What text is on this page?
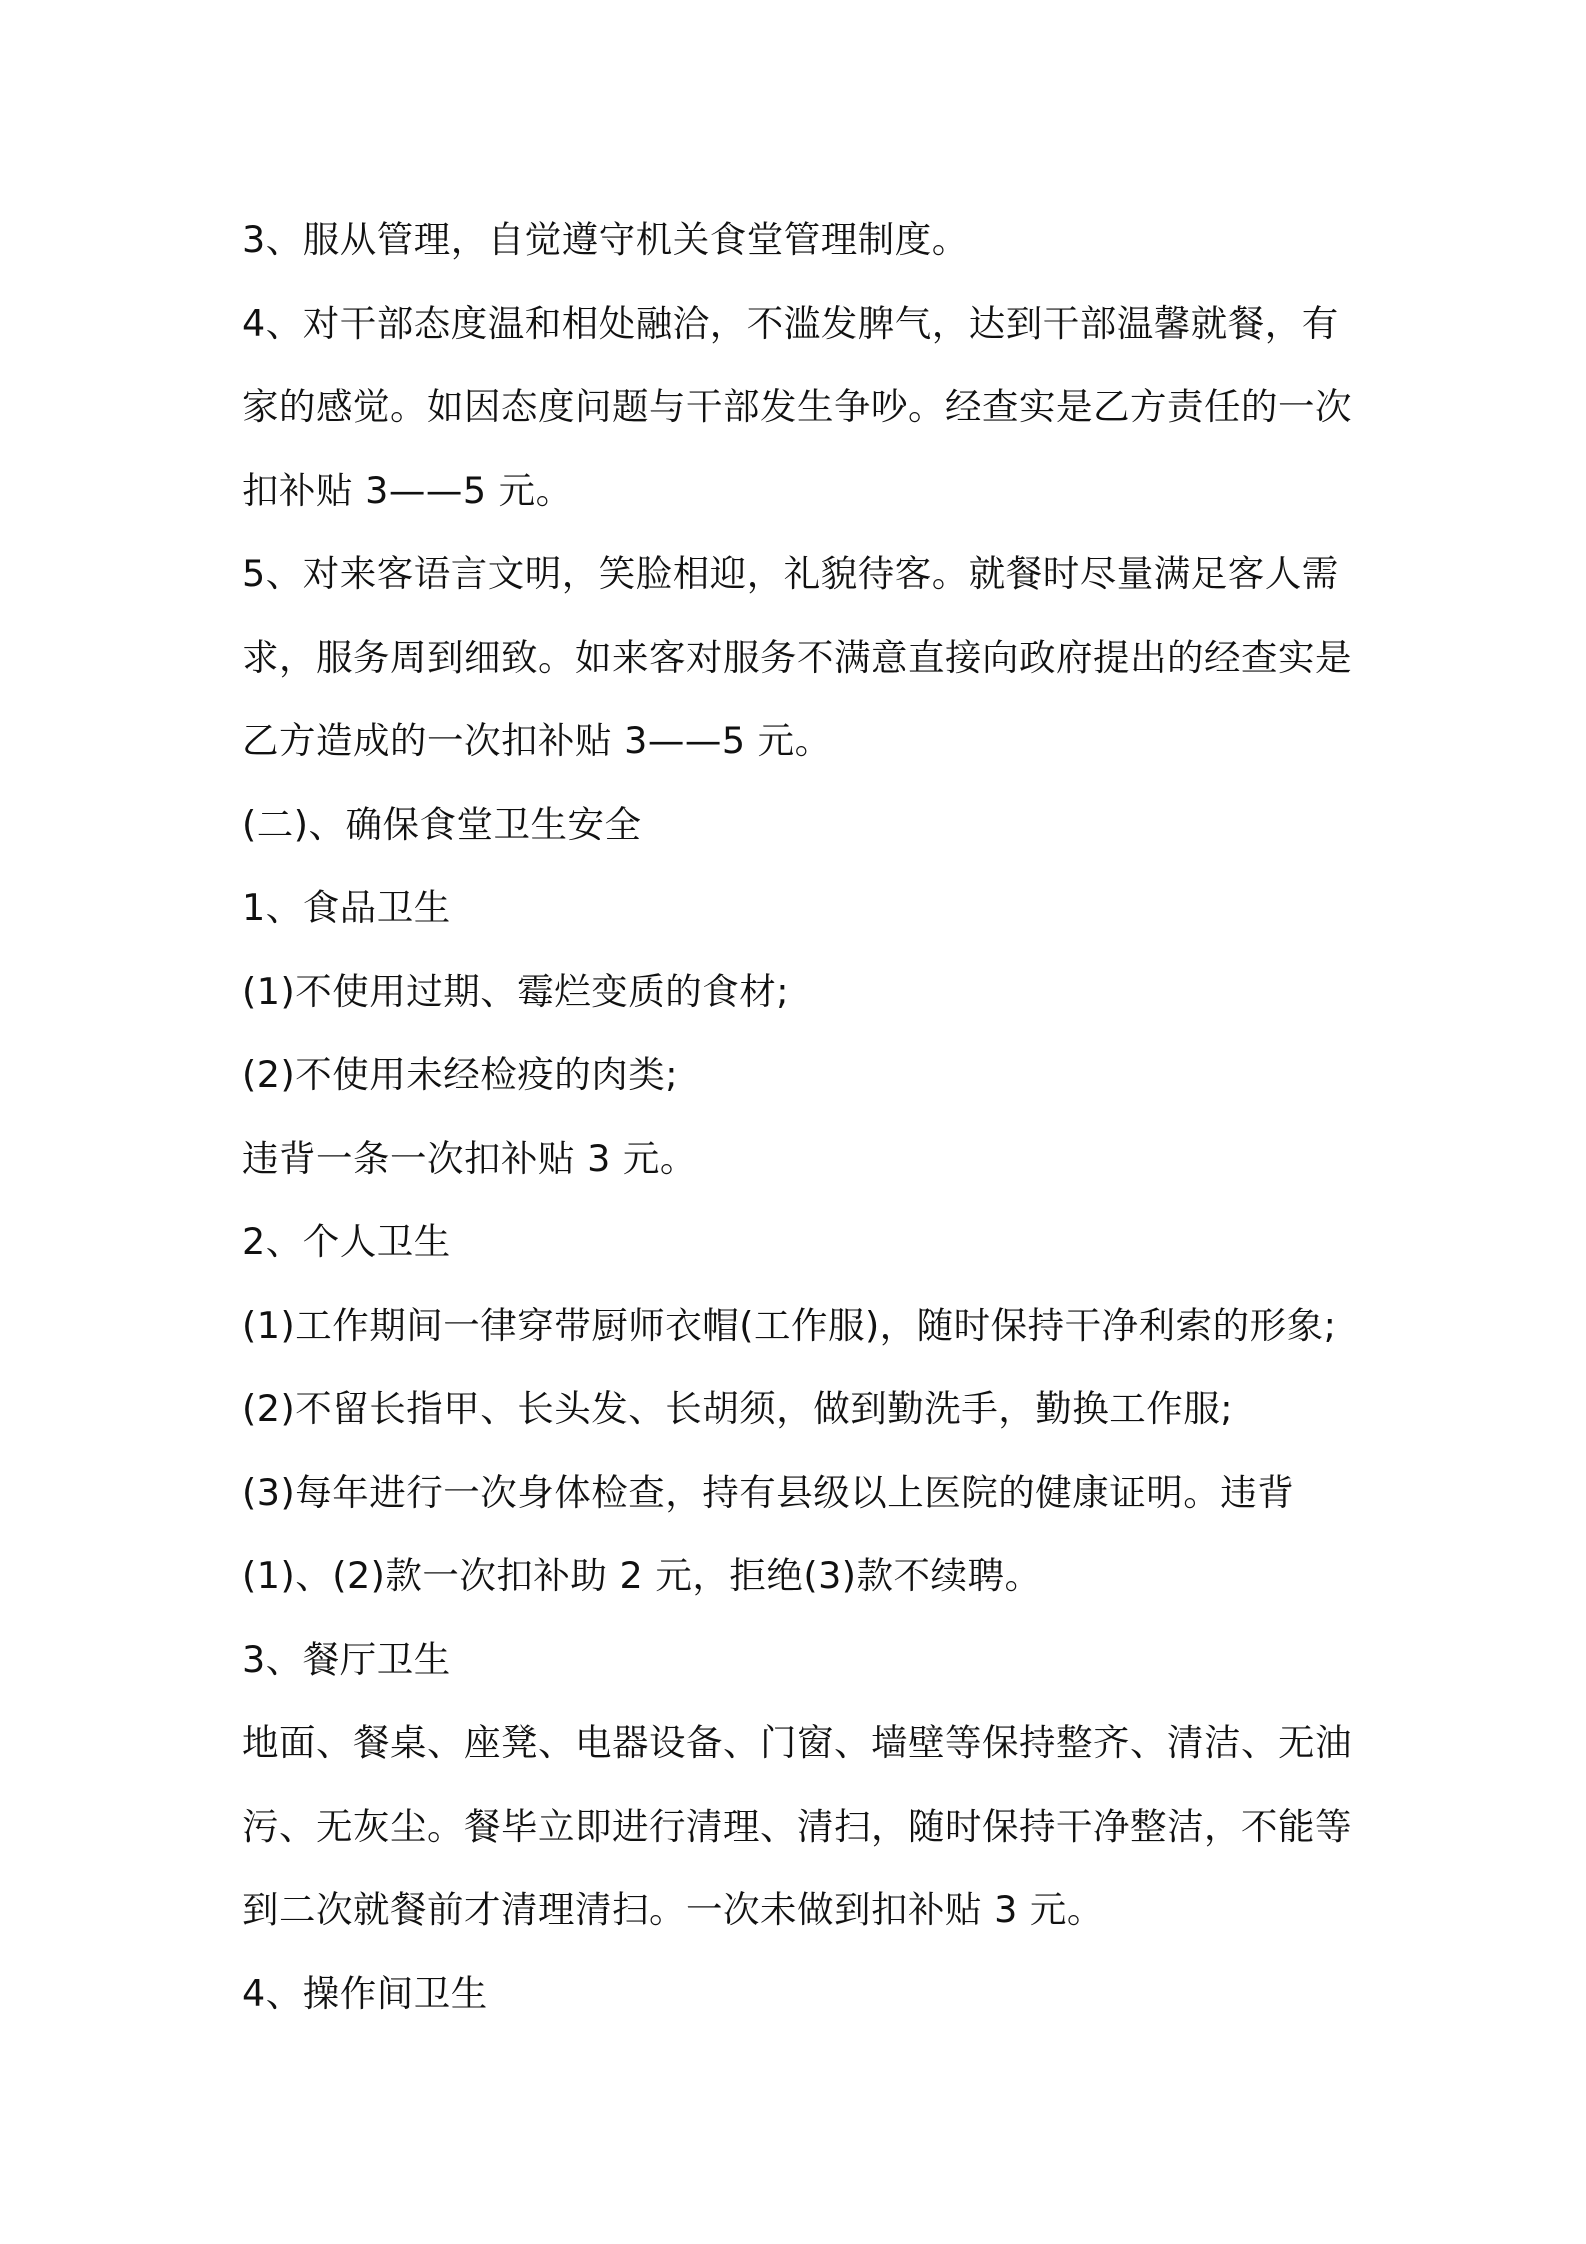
3、服从管理，自觉遵守机关食堂管理制度。

4、对干部态度温和相处融洽，不滥发脾气，达到干部温馨就餐，有家的感觉。如因态度问题与干部发生争吵。经查实是乙方责任的一次扣补贴 3——5 元。

5、对来客语言文明，笑脸相迎，礼貌待客。就餐时尽量满足客人需求，服务周到细致。如来客对服务不满意直接向政府提出的经查实是乙方造成的一次扣补贴 3——5 元。

(二)、确保食堂卫生安全

1、食品卫生

(1)不使用过期、霉烂变质的食材;

(2)不使用未经检疫的肉类;

违背一条一次扣补贴 3 元。

2、个人卫生

(1)工作期间一律穿带厨师衣帽(工作服)，随时保持干净利索的形象;

(2)不留长指甲、长头发、长胡须，做到勤洗手，勤换工作服;

(3)每年进行一次身体检查，持有县级以上医院的健康证明。违背(1)、(2)款一次扣补助 2 元，拒绝(3)款不续聘。

3、餐厅卫生

地面、餐桌、座凳、电器设备、门窗、墙壁等保持整齐、清洁、无油污、无灰尘。餐毕立即进行清理、清扫，随时保持干净整洁，不能等到二次就餐前才清理清扫。一次未做到扣补贴 3 元。

4、操作间卫生
